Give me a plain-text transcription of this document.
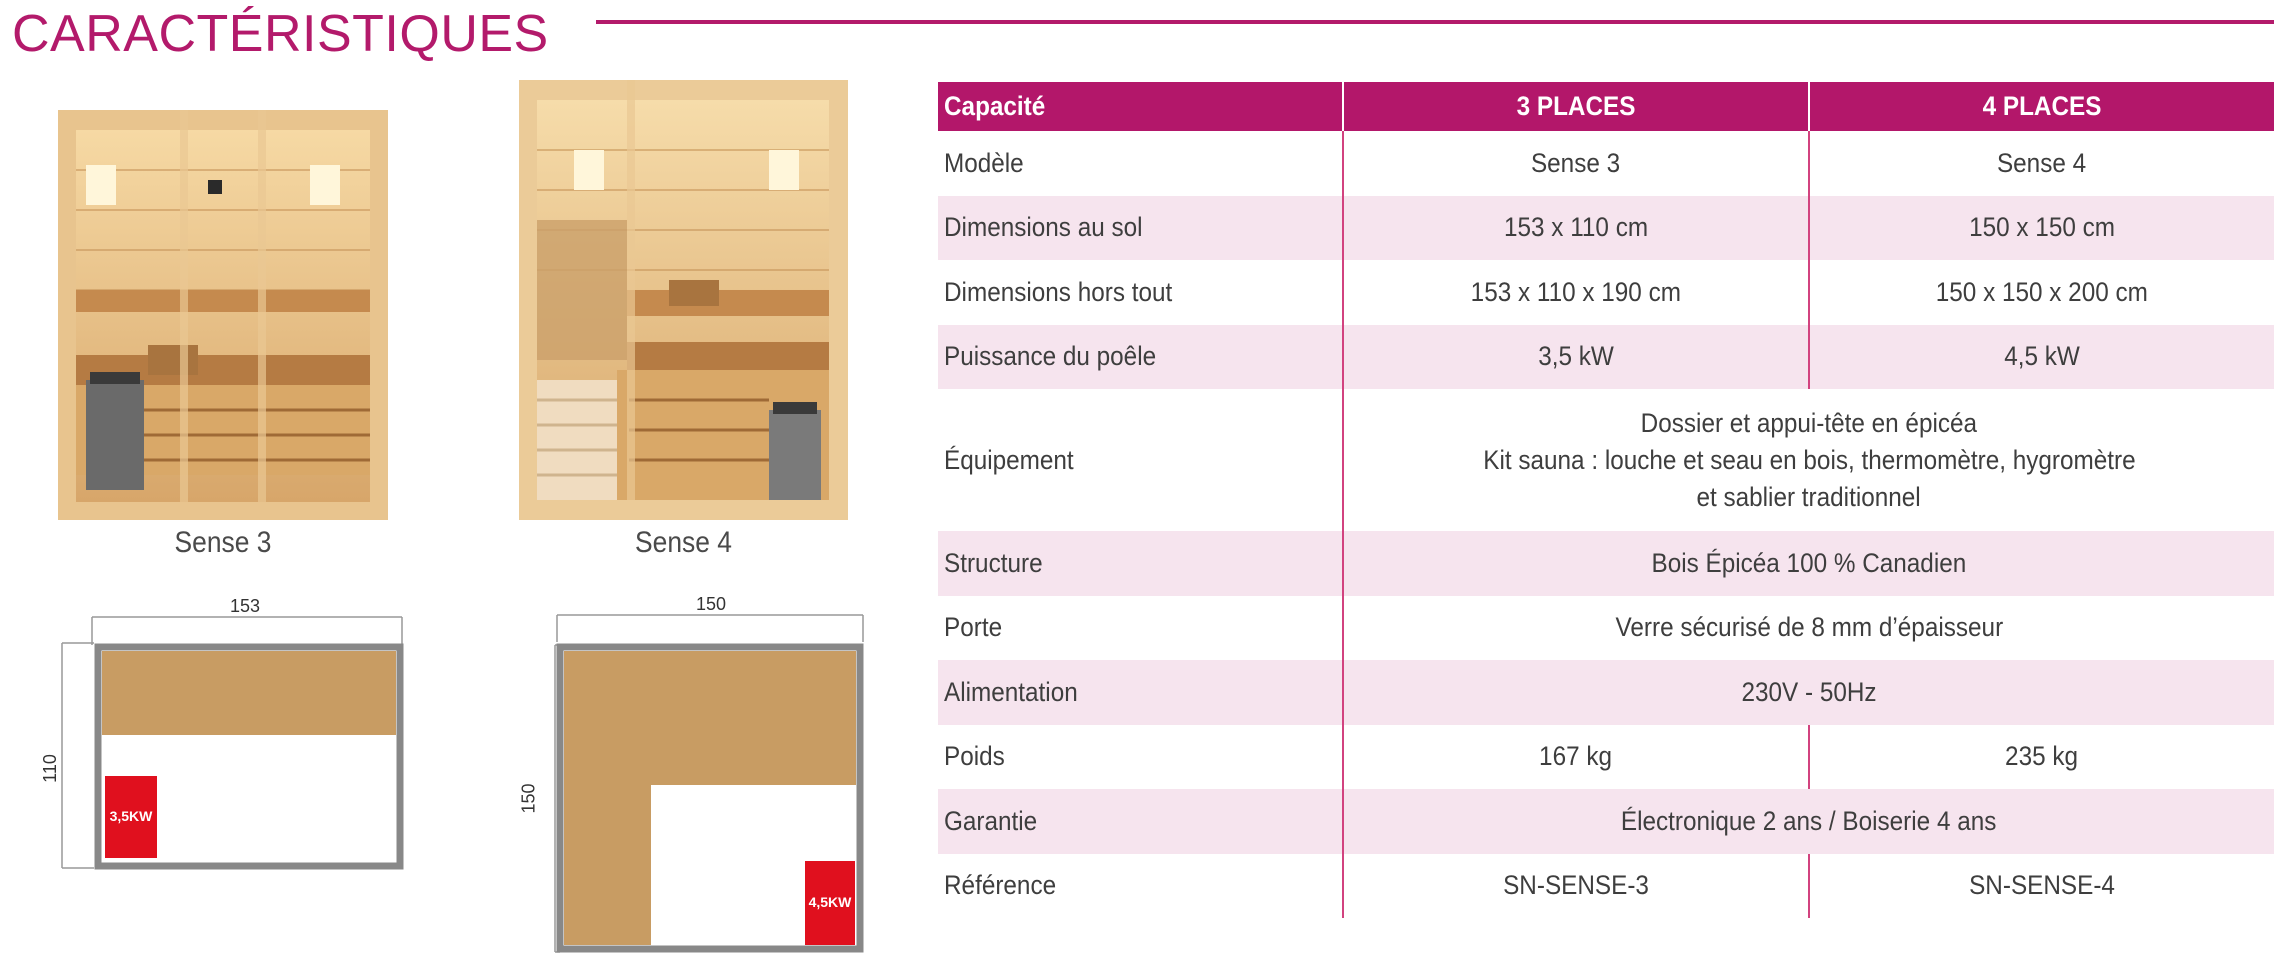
CARACTÉRISTIQUES
Sense 3	Sense 4
153
110
3,5KW
150
150
4,5KW
Capacité	3 PLACES	4 PLACES
Modèle	Sense 3	Sense 4
Dimensions au sol	153 x 110 cm	150 x 150 cm
Dimensions hors tout	153 x 110 x 190 cm	150 x 150 x 200 cm
Puissance du poêle	3,5 kW	4,5 kW
Équipement	Dossier et appui-tête en épicéa
Kit sauna : louche et seau en bois, thermomètre, hygromètre
et sablier traditionnel	

Structure	Bois Épicéa 100 % Canadien	
Porte	Verre sécurisé de 8 mm d’épaisseur	
Alimentation	230V - 50Hz	
Poids	167 kg	235 kg
Garantie	Électronique 2 ans / Boiserie 4 ans	
Référence	SN-SENSE-3	SN-SENSE-4
